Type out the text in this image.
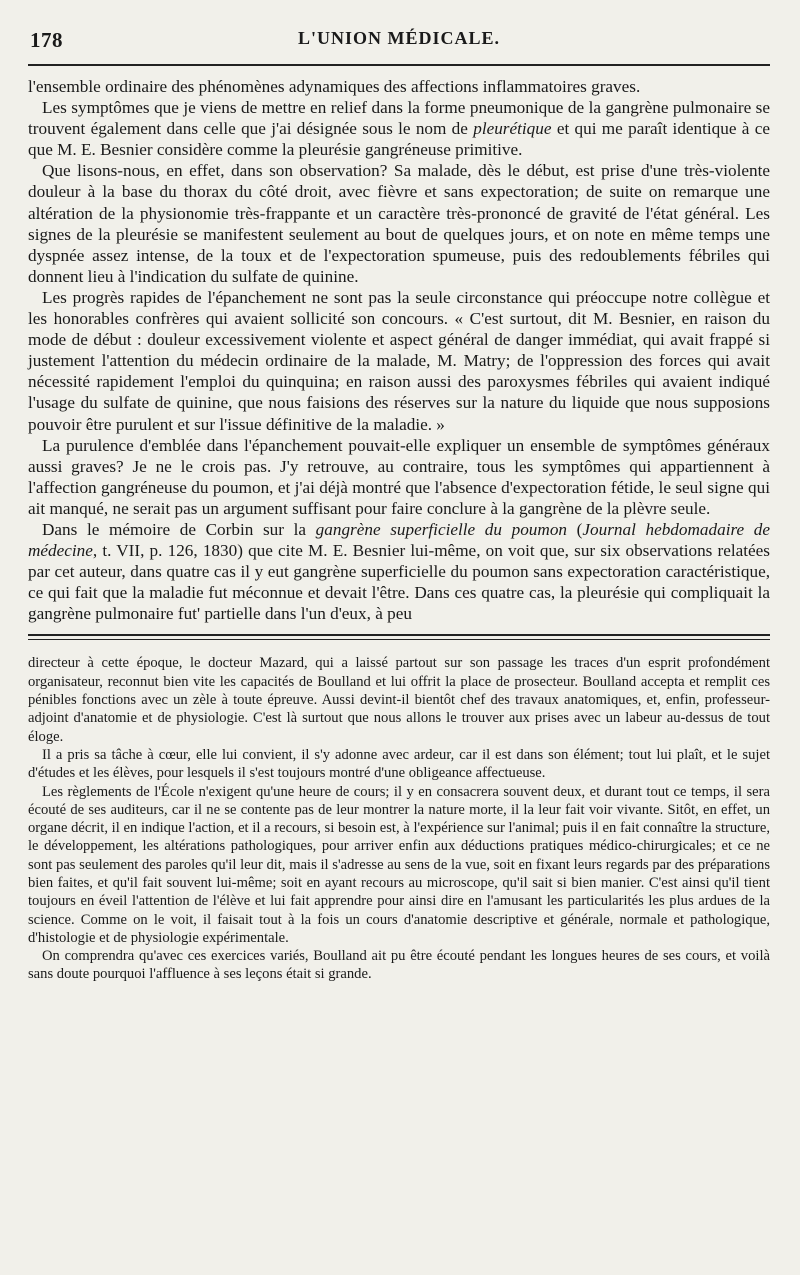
178	L'UNION MÉDICALE.

l'ensemble ordinaire des phénomènes adynamiques des affections inflammatoires graves.

Les symptômes que je viens de mettre en relief dans la forme pneumonique de la gangrène pulmonaire se trouvent également dans celle que j'ai désignée sous le nom de pleurétique et qui me paraît identique à ce que M. E. Besnier considère comme la pleurésie gangréneuse primitive.

Que lisons-nous, en effet, dans son observation? Sa malade, dès le début, est prise d'une très-violente douleur à la base du thorax du côté droit, avec fièvre et sans expectoration; de suite on remarque une altération de la physionomie très-frappante et un caractère très-prononcé de gravité de l'état général. Les signes de la pleurésie se manifestent seulement au bout de quelques jours, et on note en même temps une dyspnée assez intense, de la toux et de l'expectoration spumeuse, puis des redoublements fébriles qui donnent lieu à l'indication du sulfate de quinine.

Les progrès rapides de l'épanchement ne sont pas la seule circonstance qui préoccupe notre collègue et les honorables confrères qui avaient sollicité son concours. « C'est surtout, dit M. Besnier, en raison du mode de début : douleur excessivement violente et aspect général de danger immédiat, qui avait frappé si justement l'attention du médecin ordinaire de la malade, M. Matry; de l'oppression des forces qui avait nécessité rapidement l'emploi du quinquina; en raison aussi des paroxysmes fébriles qui avaient indiqué l'usage du sulfate de quinine, que nous faisions des réserves sur la nature du liquide que nous supposions pouvoir être purulent et sur l'issue définitive de la maladie. »

La purulence d'emblée dans l'épanchement pouvait-elle expliquer un ensemble de symptômes généraux aussi graves? Je ne le crois pas. J'y retrouve, au contraire, tous les symptômes qui appartiennent à l'affection gangréneuse du poumon, et j'ai déjà montré que l'absence d'expectoration fétide, le seul signe qui ait manqué, ne serait pas un argument suffisant pour faire conclure à la gangrène de la plèvre seule.

Dans le mémoire de Corbin sur la gangrène superficielle du poumon (Journal hebdomadaire de médecine, t. VII, p. 126, 1830) que cite M. E. Besnier lui-même, on voit que, sur six observations relatées par cet auteur, dans quatre cas il y eut gangrène superficielle du poumon sans expectoration caractéristique, ce qui fait que la maladie fut méconnue et devait l'être. Dans ces quatre cas, la pleurésie qui compliquait la gangrène pulmonaire fut' partielle dans l'un d'eux, à peu

directeur à cette époque, le docteur Mazard, qui a laissé partout sur son passage les traces d'un esprit profondément organisateur, reconnut bien vite les capacités de Boulland et lui offrit la place de prosecteur. Boulland accepta et remplit ces pénibles fonctions avec un zèle à toute épreuve. Aussi devint-il bientôt chef des travaux anatomiques, et, enfin, professeur-adjoint d'anatomie et de physiologie. C'est là surtout que nous allons le trouver aux prises avec un labeur au-dessus de tout éloge.

Il a pris sa tâche à cœur, elle lui convient, il s'y adonne avec ardeur, car il est dans son élément; tout lui plaît, et le sujet d'études et les élèves, pour lesquels il s'est toujours montré d'une obligeance affectueuse.

Les règlements de l'École n'exigent qu'une heure de cours; il y en consacrera souvent deux, et durant tout ce temps, il sera écouté de ses auditeurs, car il ne se contente pas de leur montrer la nature morte, il la leur fait voir vivante. Sitôt, en effet, un organe décrit, il en indique l'action, et il a recours, si besoin est, à l'expérience sur l'animal; puis il en fait connaître la structure, le développement, les altérations pathologiques, pour arriver enfin aux déductions pratiques médico-chirurgicales; et ce ne sont pas seulement des paroles qu'il leur dit, mais il s'adresse au sens de la vue, soit en fixant leurs regards par des préparations bien faites, et qu'il fait souvent lui-même; soit en ayant recours au microscope, qu'il sait si bien manier. C'est ainsi qu'il tient toujours en éveil l'attention de l'élève et lui fait apprendre pour ainsi dire en l'amusant les particularités les plus ardues de la science. Comme on le voit, il faisait tout à la fois un cours d'anatomie descriptive et générale, normale et pathologique, d'histologie et de physiologie expérimentale.

On comprendra qu'avec ces exercices variés, Boulland ait pu être écouté pendant les longues heures de ses cours, et voilà sans doute pourquoi l'affluence à ses leçons était si grande.
